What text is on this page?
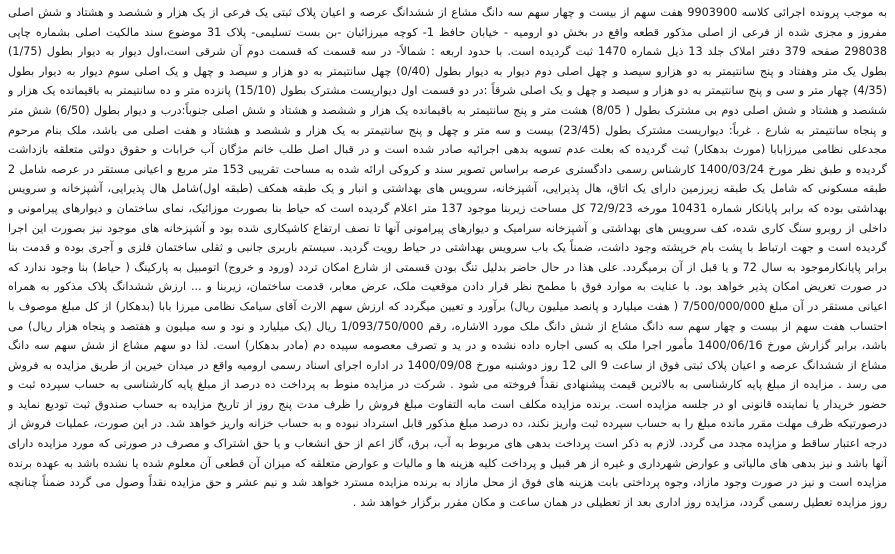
به موجب پرونده اجرائی کلاسه 9903900 هفت سهم از بیست و چهار سهم سه دانگ مشاع از ششدانگ عرصه و اعیان پلاک ثبتی یک فرعی از یک هزار و ششصد و هشتاد و شش اصلی مفروز و مجزی شده از فرعی از اصلی مذکور قطعه واقع در بخش دو ارومیه - خیابان حافظ 1- کوچه میرزائیان -بن بست تسلیمی- پلاک 31 موضوع سند مالکیت اصلی بشماره چاپی 298038 صفحه 379 دفتر املاک جلد 13 ذیل شماره 1470 ثبت گردیده است. با حدود اربعه : شمالاً- در سه قسمت که قسمت دوم آن شرقی است،اول دیوار به دیوار بطول (1/75) بطول یک متر وهفتاد و پنج سانتیمتر به دو هزارو سیصد و چهل اصلی دوم دیوار به دیوار بطول (0/40) چهل سانتیمتر به دو هزار و سیصد و چهل و یک اصلی سوم دیوار به دیوار بطول (4/35) چهار متر و سی و پنج سانتیمتر به دو هزار و سیصد و چهل و یک اصلی شرقاً :در دو قسمت اول دیواریست مشترک بطول (15/10) پانزده متر و ده سانتیمتر به باقیمانده یک هزار و ششصد و هشتاد و شش اصلی دوم بی مشترک بطول ( 8/05) هشت متر و پنج سانتیمتر به باقیمانده یک هزار و ششصد و هشتاد و شش اصلی جنوباً:درب و دیوار بطول (6/50) شش متر و پنجاه سانتیمتر به شارع . غرباً: دیواریست مشترک بطول (23/45) بیست و سه متر و چهل و پنج سانتیمتر به یک هزار و ششصد و هشتاد و هفت اصلی می باشد، ملک بنام مرحوم مجدعلی نظامی میرزابابا (مورث بدهکار) ثبت گردیده که بعلت عدم تسویه بدهی اجرائیه صادر شده است و در قبال اصل طلب خانم مژگان آب خرابات و حقوق دولتی متعلقه بازداشت گردیده و طبق نظر مورخ 1400/03/24 کارشناس رسمی دادگستری عرصه براساس تصویر سند و کروکی ارائه شده به مساحت تقریبی 153 متر مربع و اعیانی مستقر در عرصه شامل 2 طبقه مسکونی که شامل یک طبقه زیرزمین دارای یک اتاق، هال پذیرایی، آشپزخانه، سرویس های بهداشتی و انبار و یک طبقه همکف (طبقه اول)شامل هال پذیرایی، آشپزخانه و سرویس بهداشتی بوده که برابر پایانکار شماره 10431 مورخه 72/9/23 کل مساحت زیربنا موجود 137 متر اعلام گردیده است که حیاط بنا بصورت موزائیک، نمای ساختمان و دیوارهای پیرامونی و داخلی از روبرو سنگ کاری شده، کف سرویس های بهداشتی و آشپزخانه سرامیک و دیوارهای پیرامونی آنها تا نصف ارتفاع کاشیکاری شده بود و آشپزخانه های موجود نیز بصورت این اجرا گردیده است و جهت ارتباط با پشت بام خرپشته وجود داشت، ضمناً یک باب سرویس بهداشتی در حیاط رویت گردید. سیستم باربری جانبی و ثقلی ساختمان فلزی و آجری بوده و قدمت بنا برابر پایانکارموجود به سال 72 و یا قبل از آن برمیگردد. علی هذا در حال حاضر بدلیل تنگ بودن قسمتی از شارع امکان تردد (ورود و خروج) اتومبیل به پارکینگ ( حیاط) بنا وجود ندارد که در صورت تعریض امکان پذیر خواهد بود. با عنایت به موارد فوق با مطمح نظر قرار دادن موقعیت ملک، عرض معابر، قدمت ساختمان، زیربنا و ... ارزش ششدانگ پلاک مذکور به همراه اعیانی مستقر در آن مبلغ 7/500/000/000 ( هفت میلیارد و پانصد میلیون ریال) برآورد و تعیین میگردد که ارزش سهم الارث آقای سیامک نظامی میرزا بابا (بدهکار) از کل مبلغ موصوف با احتساب هفت سهم از بیست و چهار سهم سه دانگ مشاع از شش دانگ ملک مورد الاشاره، رقم 1/093/750/000 ریال (یک میلیارد و نود و سه میلیون و هفتصد و پنجاه هزار ریال) می باشد، برابر گزارش مورخ 1400/06/16 مأمور اجرا ملک به کسی اجاره داده نشده و در ید و تصرف معصومه سپیده دم (مادر بدهکار) است. لذا دو سهم مشاع از شش سهم سه دانگ مشاع از ششدانگ عرصه و اعیان پلاک ثبتی فوق از ساعت 9 الی 12 روز دوشنبه مورخ 1400/09/08 در اداره اجرای اسناد رسمی ارومیه واقع در میدان خیرین از طریق مزایده به فروش می رسد . مزایده از مبلغ پایه کارشناسی به بالاترین قیمت پیشنهادی نقداً فروخته می شود . شرکت در مزایده منوط به پرداخت ده درصد از مبلغ پایه کارشناسی به حساب سپرده ثبت و حضور خریدار یا نماینده قانونی او در جلسه مزایده است. برنده مزایده مکلف است مابه التفاوت مبلغ فروش را ظرف مدت پنج روز از تاریخ مزایده به حساب صندوق ثبت تودیع نماید و درصورتیکه ظرف مهلت مقرر مانده مبلغ را به حساب سپرده ثبت واریز نکند، ده درصد مبلغ مذکور قابل استرداد نبوده و به حساب خزانه واریز خواهد شد. در این صورت، عملیات فروش از درجه اعتبار ساقط و مزایده مجدد می گردد. لازم به ذکر است پرداخت بدهی های مربوط به آب، برق، گاز اعم از حق انشعاب و یا حق اشتراک و مصرف در صورتی که مورد مزایده دارای آنها باشد و نیز بدهی های مالیاتی و عوارض شهرداری و غیره از هر قبیل و پرداخت کلیه هزینه ها و مالیات و عوارض متعلقه که میزان آن قطعی آن معلوم شده یا نشده باشد به عهده برنده مزایده است و نیز در صورت وجود مازاد، وجوه پرداختی بابت هزینه های فوق از محل مازاد به برنده مزایده مسترد خواهد شد و نیم عشر و حق مزایده نقداً وصول می گردد ضمناً چنانچه روز مزایده تعطیل رسمی گردد، مزایده روز اداری بعد از تعطیلی در همان ساعت و مکان مقرر برگزار خواهد شد .
